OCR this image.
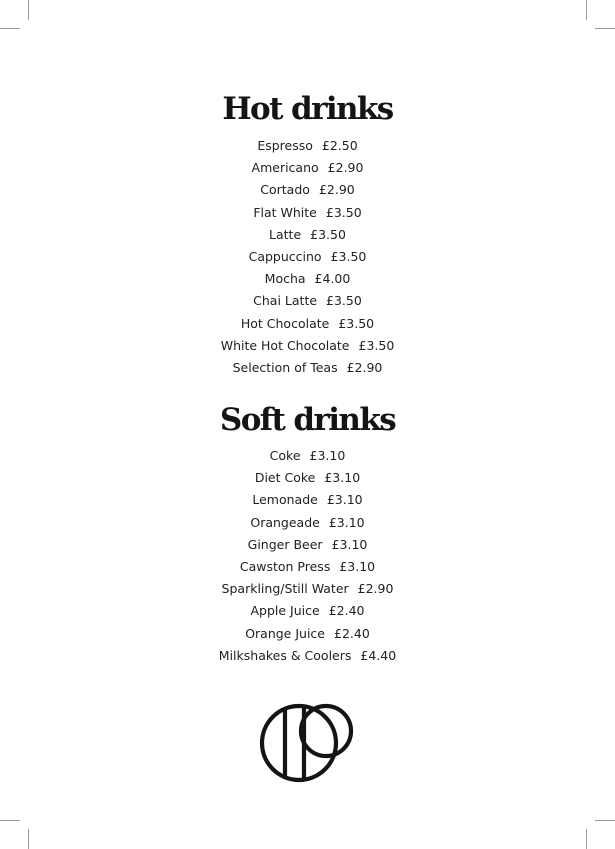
Hot drinks
Espresso £2.50
Americano £2.90
Cortado £2.90
Flat White £3.50
Latte £3.50
Cappuccino £3.50
Mocha £4.00
Chai Latte £3.50
Hot Chocolate £3.50
White Hot Chocolate £3.50
Selection of Teas £2.90
Soft drinks
Coke £3.10
Diet Coke £3.10
Lemonade £3.10
Orangeade £3.10
Ginger Beer £3.10
Cawston Press £3.10
Sparkling/Still Water £2.90
Apple Juice £2.40
Orange Juice £2.40
Milkshakes & Coolers £4.40
